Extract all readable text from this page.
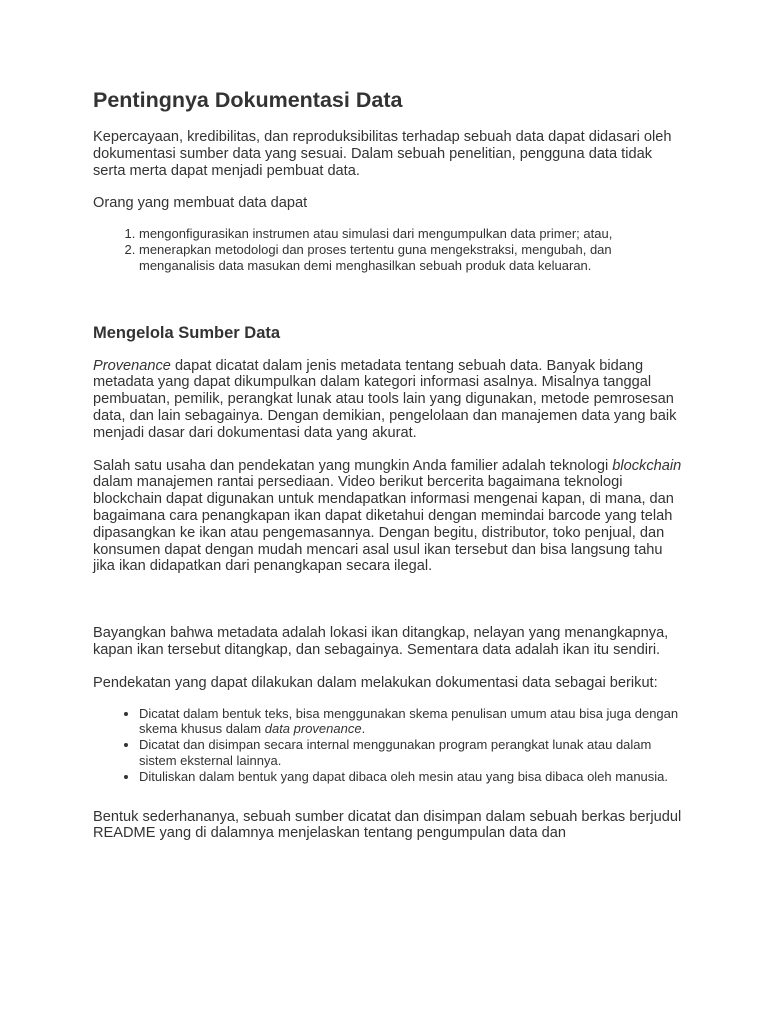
Pentingnya Dokumentasi Data

Kepercayaan, kredibilitas, dan reproduksibilitas terhadap sebuah data dapat didasari oleh dokumentasi sumber data yang sesuai. Dalam sebuah penelitian, pengguna data tidak serta merta dapat menjadi pembuat data.

Orang yang membuat data dapat

1. mengonfigurasikan instrumen atau simulasi dari mengumpulkan data primer; atau,
2. menerapkan metodologi dan proses tertentu guna mengekstraksi, mengubah, dan menganalisis data masukan demi menghasilkan sebuah produk data keluaran.
Mengelola Sumber Data

Provenance dapat dicatat dalam jenis metadata tentang sebuah data. Banyak bidang metadata yang dapat dikumpulkan dalam kategori informasi asalnya. Misalnya tanggal pembuatan, pemilik, perangkat lunak atau tools lain yang digunakan, metode pemrosesan data, dan lain sebagainya. Dengan demikian, pengelolaan dan manajemen data yang baik menjadi dasar dari dokumentasi data yang akurat.

Salah satu usaha dan pendekatan yang mungkin Anda familier adalah teknologi blockchain dalam manajemen rantai persediaan. Video berikut bercerita bagaimana teknologi blockchain dapat digunakan untuk mendapatkan informasi mengenai kapan, di mana, dan bagaimana cara penangkapan ikan dapat diketahui dengan memindai barcode yang telah dipasangkan ke ikan atau pengemasannya. Dengan begitu, distributor, toko penjual, dan konsumen dapat dengan mudah mencari asal usul ikan tersebut dan bisa langsung tahu jika ikan didapatkan dari penangkapan secara ilegal.

Bayangkan bahwa metadata adalah lokasi ikan ditangkap, nelayan yang menangkapnya, kapan ikan tersebut ditangkap, dan sebagainya. Sementara data adalah ikan itu sendiri.

Pendekatan yang dapat dilakukan dalam melakukan dokumentasi data sebagai berikut:

• Dicatat dalam bentuk teks, bisa menggunakan skema penulisan umum atau bisa juga dengan skema khusus dalam data provenance.
• Dicatat dan disimpan secara internal menggunakan program perangkat lunak atau dalam sistem eksternal lainnya.
• Dituliskan dalam bentuk yang dapat dibaca oleh mesin atau yang bisa dibaca oleh manusia.

Bentuk sederhananya, sebuah sumber dicatat dan disimpan dalam sebuah berkas berjudul README yang di dalamnya menjelaskan tentang pengumpulan data dan
